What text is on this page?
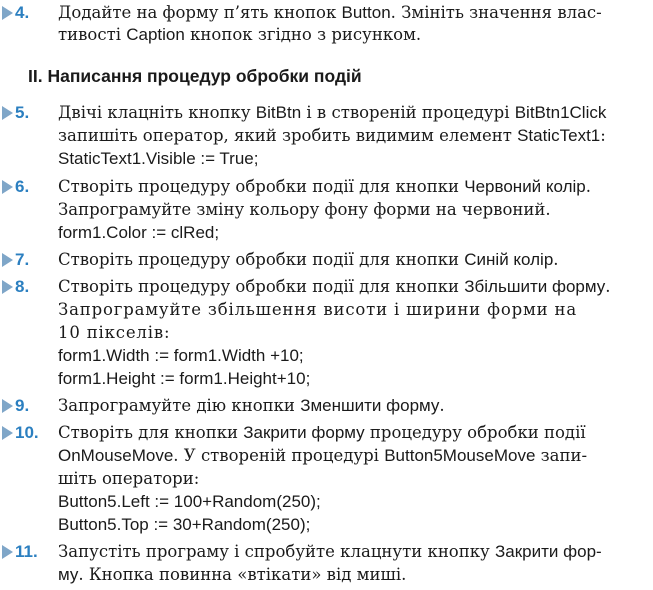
4. Додайте на форму п’ять кнопок Button. Змініть значення влас-
тивості Caption кнопок згідно з рисунком.
II. Написання процедур обробки подій
5. Двічі клацніть кнопку BitBtn і в створеній процедурі BitBtn1Click
запишіть оператор, який зробить видимим елемент StaticText1:
StaticText1.Visible := True;
6. Створіть процедуру обробки події для кнопки Червоний колір.
Запрограмуйте зміну кольору фону форми на червоний.
form1.Color := clRed;
7. Створіть процедуру обробки події для кнопки Синій колір.
8. Створіть процедуру обробки події для кнопки Збільшити форму.
Запрограмуйте збільшення висоти і ширини форми на
10 пікселів:
form1.Width := form1.Width +10;
form1.Height := form1.Height+10;
9. Запрограмуйте дію кнопки Зменшити форму.
10. Створіть для кнопки Закрити форму процедуру обробки події
OnMouseMove. У створеній процедурі Button5MouseMove запи-
шіть оператори:
Button5.Left := 100+Random(250);
Button5.Top := 30+Random(250);
11. Запустіть програму і спробуйте клацнути кнопку Закрити фор-
му. Кнопка повинна «втікати» від миші.
